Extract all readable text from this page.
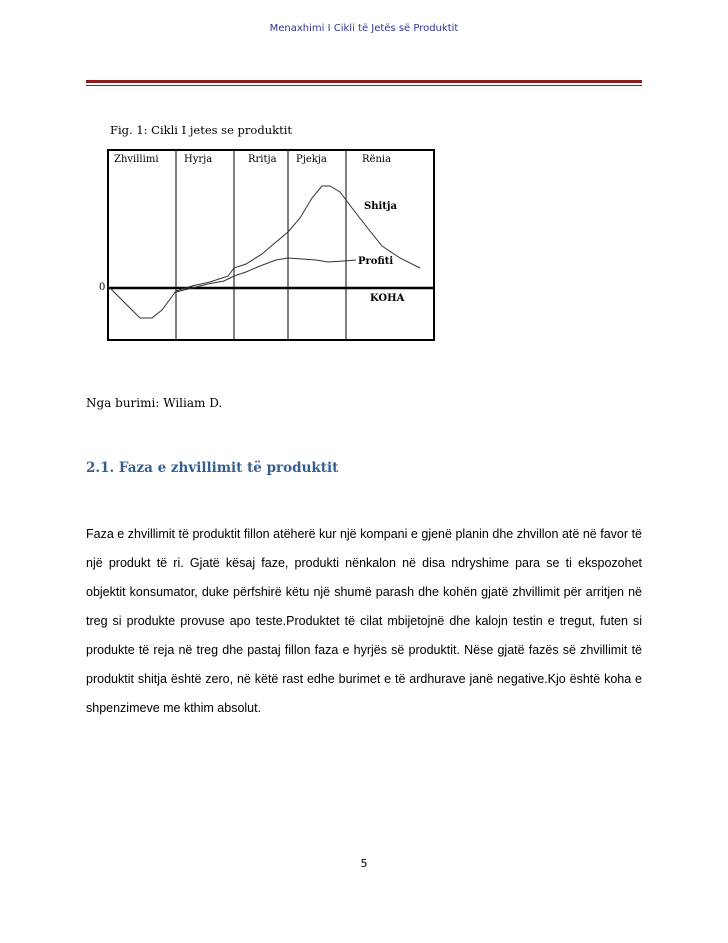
Menaxhimi I Cikli të Jetës së Produktit
Fig. 1: Cikli I jetes se produktit
Zhvillimi	Hyrja	Rritja Pjekja	Rënia
0
KOHA
Shitja
Profiti
Nga burimi: Wiliam D.
2.1. Faza e zhvillimit të produktit

Faza e zhvillimit të produktit fillon atëherë kur një kompani e gjenë planin dhe zhvillon atë në favor të një produkt të ri. Gjatë kësaj faze, produkti nënkalon në disa ndryshime para se ti ekspozohet objektit konsumator, duke përfshirë këtu një shumë parash dhe kohën gjatë zhvillimit për arritjen në treg si produkte provuse apo teste.Produktet të cilat mbijetojnë dhe kalojn testin e tregut, futen si produkte të reja në treg dhe pastaj fillon faza e hyrjës së produktit. Nëse gjatë fazës së zhvillimit të produktit shitja është zero, në këtë rast edhe burimet e të ardhurave janë negative.Kjo është koha e shpenzimeve me kthim absolut.

5
